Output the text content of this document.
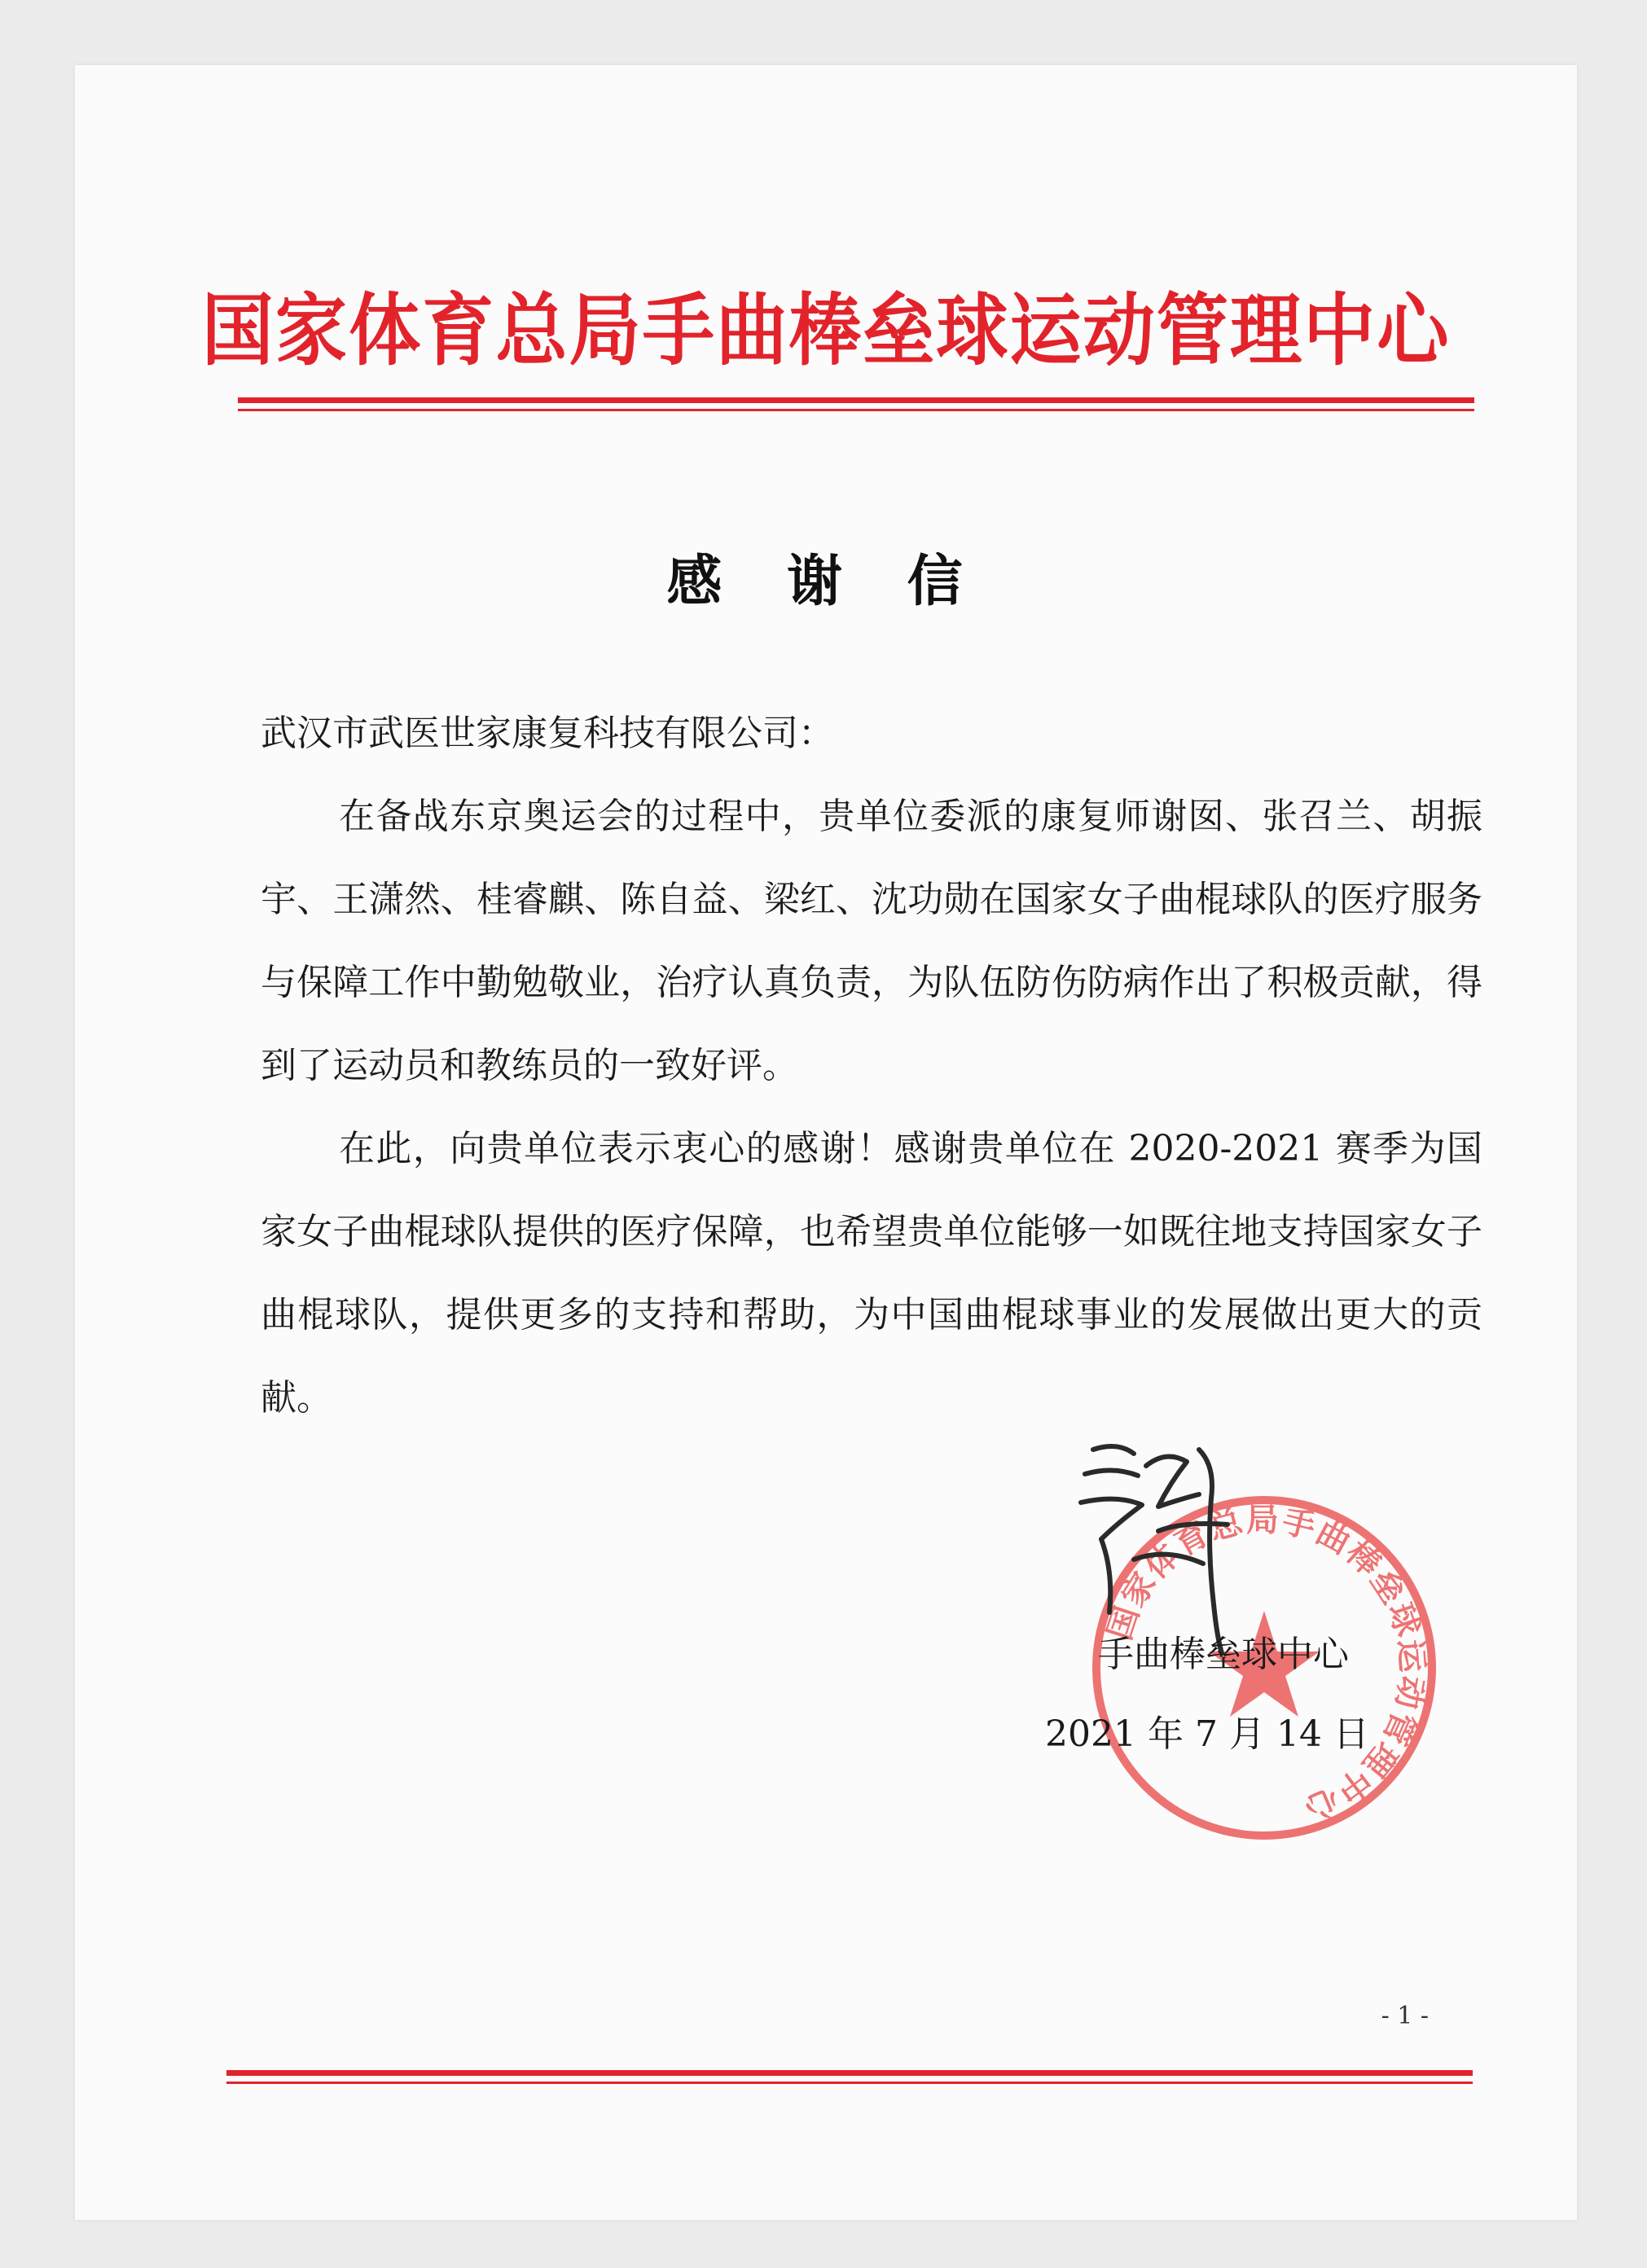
国家体育总局手曲棒垒球运动管理中心
感 谢 信

武汉市武医世家康复科技有限公司：

在备战东京奥运会的过程中，贵单位委派的康复师谢囡、张召兰、胡振宇、王潇然、桂睿麒、陈自益、梁红、沈功勋在国家女子曲棍球队的医疗服务与保障工作中勤勉敬业，治疗认真负责，为队伍防伤防病作出了积极贡献，得到了运动员和教练员的一致好评。

在此，向贵单位表示衷心的感谢！感谢贵单位在 2020-2021 赛季为国家女子曲棍球队提供的医疗保障，也希望贵单位能够一如既往地支持国家女子曲棍球队，提供更多的支持和帮助，为中国曲棍球事业的发展做出更大的贡献。

国家体育总局手曲棒垒球运动管理中心
手曲棒垒球中心
2021 年 7 月 14 日
- 1 -
